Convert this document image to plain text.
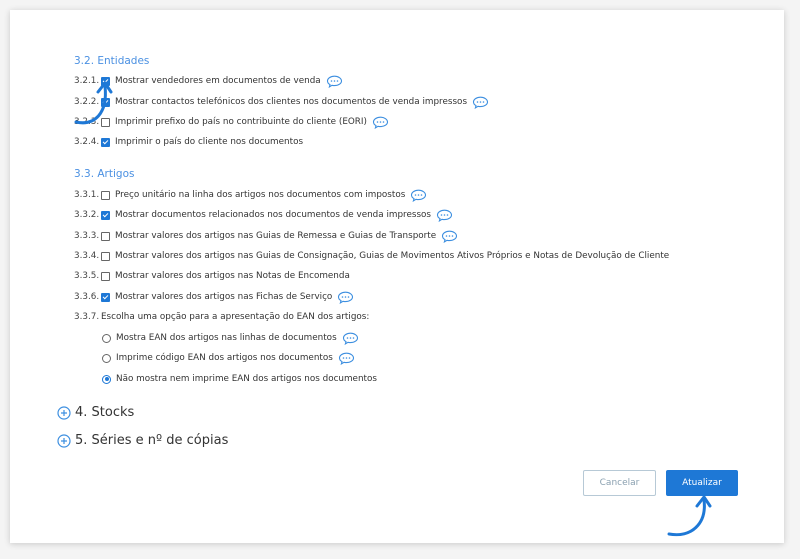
3.2. Entidades
3.2.1. Mostrar vendedores em documentos de venda
3.2.2. Mostrar contactos telefónicos dos clientes nos documentos de venda impressos
3.2.3. Imprimir prefixo do país no contribuinte do cliente (EORI)
3.2.4. Imprimir o país do cliente nos documentos
3.3. Artigos
3.3.1. Preço unitário na linha dos artigos nos documentos com impostos
3.3.2. Mostrar documentos relacionados nos documentos de venda impressos
3.3.3. Mostrar valores dos artigos nas Guias de Remessa e Guias de Transporte
3.3.4. Mostrar valores dos artigos nas Guias de Consignação, Guias de Movimentos Ativos Próprios e Notas de Devolução de Cliente
3.3.5. Mostrar valores dos artigos nas Notas de Encomenda
3.3.6. Mostrar valores dos artigos nas Fichas de Serviço
3.3.7. Escolha uma opção para a apresentação do EAN dos artigos:
Mostra EAN dos artigos nas linhas de documentos
Imprime código EAN dos artigos nos documentos
Não mostra nem imprime EAN dos artigos nos documentos
4. Stocks
5. Séries e nº de cópias
Cancelar	Atualizar
